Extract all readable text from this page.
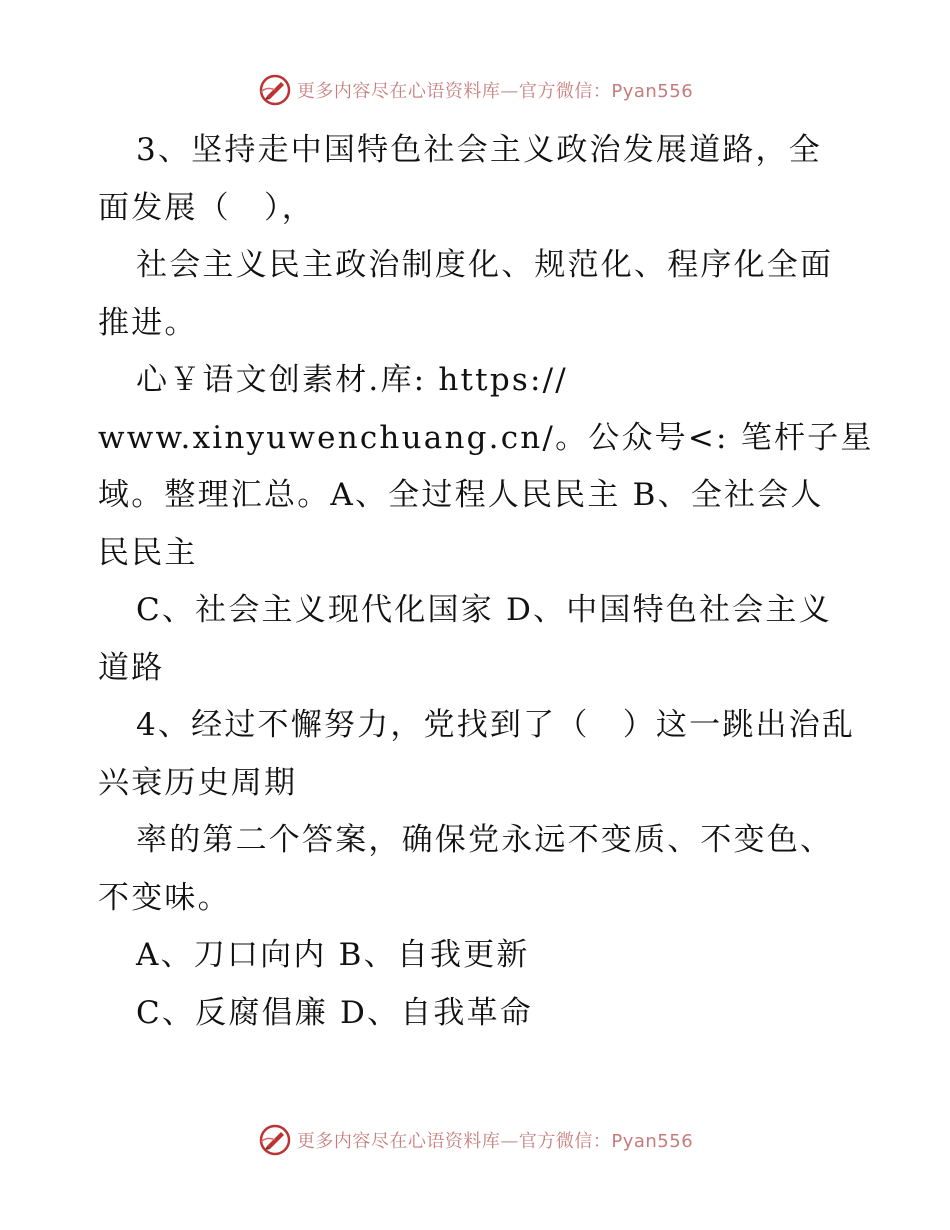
更多内容尽在心语资料库—官方微信：Pyan556
3、坚持走中国特色社会主义政治发展道路，全
面发展（　），
社会主义民主政治制度化、规范化、程序化全面
推进。
心￥语文创素材.库: https://
www.xinyuwenchuang.cn/。公众号<: 笔杆子星
域。整理汇总。A、全过程人民民主 B、全社会人
民民主
C、社会主义现代化国家 D、中国特色社会主义
道路
4、经过不懈努力，党找到了（　）这一跳出治乱
兴衰历史周期
率的第二个答案，确保党永远不变质、不变色、
不变味。
A、刀口向内 B、自我更新
C、反腐倡廉 D、自我革命
更多内容尽在心语资料库—官方微信：Pyan556
